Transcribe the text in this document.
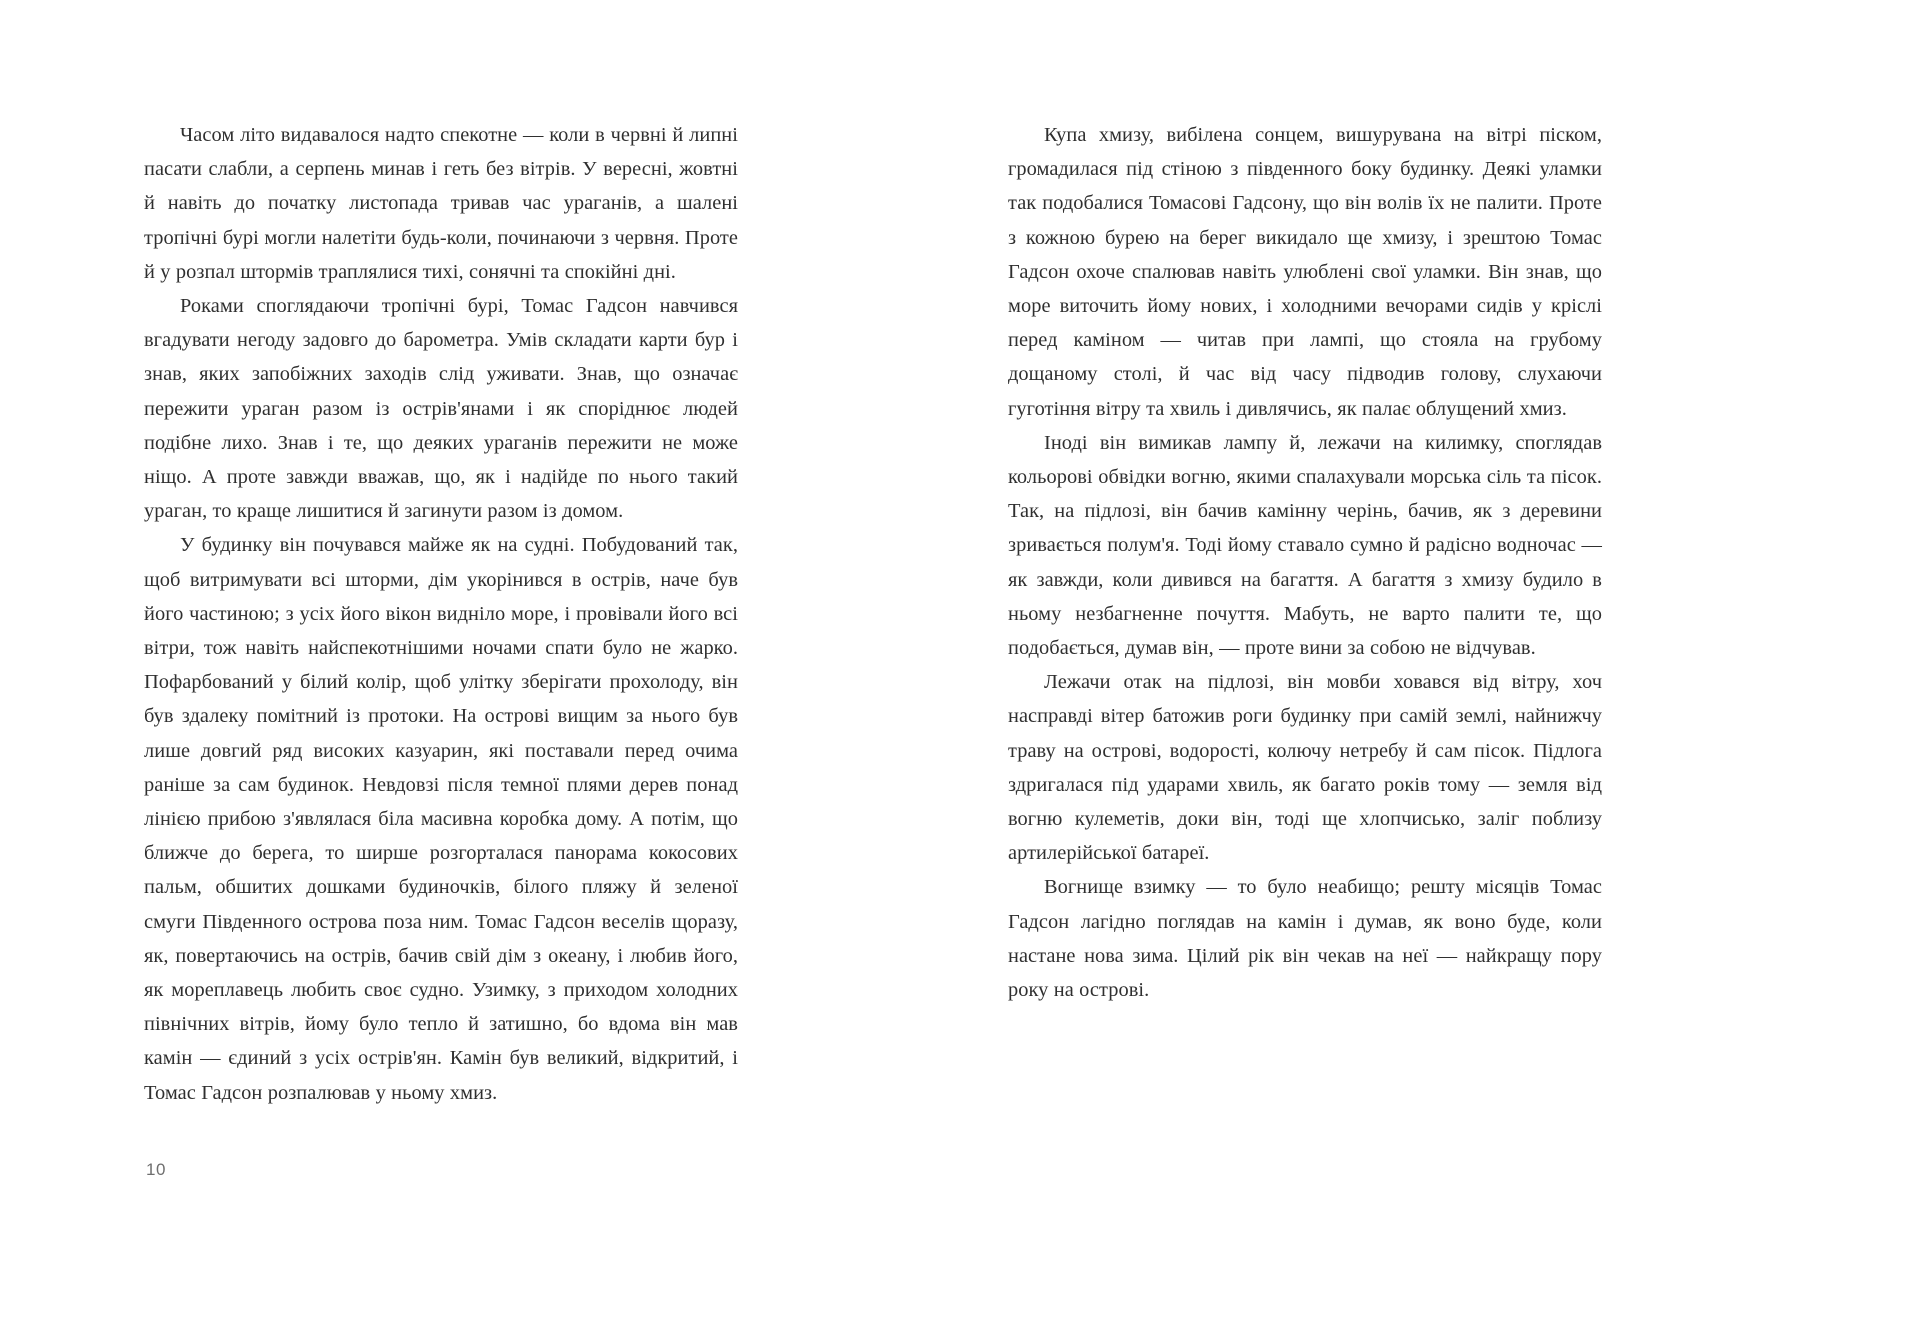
Часом літо видавалося надто спекотне — коли в червні й липні пасати слабли, а серпень минав і геть без вітрів. У вересні, жовтні й навіть до початку листопада тривав час ураганів, а шалені тропічні бурі могли налетіти будь-коли, починаючи з червня. Проте й у розпал штормів траплялися тихі, сонячні та спокійні дні.

Роками споглядаючи тропічні бурі, Томас Гадсон навчився вгадувати негоду задовго до барометра. Умів складати карти бур і знав, яких запобіжних заходів слід уживати. Знав, що означає пережити ураган разом із острів'янами і як споріднює людей подібне лихо. Знав і те, що деяких ураганів пережити не може ніщо. А проте завжди вважав, що, як і надійде по нього такий ураган, то краще лишитися й загинути разом із домом.

У будинку він почувався майже як на судні. Побудований так, щоб витримувати всі шторми, дім укорінився в острів, наче був його частиною; з усіх його вікон виднiло море, і провівали його всі вітри, тож навіть найспекотнішими ночами спати було не жарко. Пофарбований у білий колір, щоб улітку зберігати прохолоду, він був здалеку помітний із протоки. На острові вищим за нього був лише довгий ряд високих казуарин, які поставали перед очима раніше за сам будинок. Невдовзі після темної плями дерев понад лінією прибою з'являлася біла масивна коробка дому. А потім, що ближче до берега, то ширше розгорталася панорама кокосових пальм, обшитих дошками будиночків, білого пляжу й зеленої смуги Південного острова поза ним. Томас Гадсон веселів щоразу, як, повертаючись на острів, бачив свій дім з океану, і любив його, як мореплавець любить своє судно. Узимку, з приходом холодних північних вітрів, йому було тепло й затишно, бо вдома він мав камін — єдиний з усіх острів'ян. Камін був великий, відкритий, і Томас Гадсон розпалював у ньому хмиз.

Купа хмизу, вибілена сонцем, вишурувана на вітрі піском, громадилася під стіною з південного боку будинку. Деякі уламки так подобалися Томасові Гадсону, що він волів їх не палити. Проте з кожною бурею на берег викидало ще хмизу, і зрештою Томас Гадсон охоче спалював навіть улюблені свої уламки. Він знав, що море виточить йому нових, і холодними вечорами сидів у кріслі перед каміном — читав при лампі, що стояла на грубому дощаному столі, й час від часу підводив голову, слухаючи гуготіння вітру та хвиль і дивлячись, як палає облущений хмиз.

Іноді він вимикав лампу й, лежачи на килимку, споглядав кольорові обвідки вогню, якими спалахували морська сіль та пісок. Так, на підлозі, він бачив камінну черінь, бачив, як з деревини зривається полум'я. Тоді йому ставало сумно й радісно водночас — як завжди, коли дивився на багаття. А багаття з хмизу будило в ньому незбагненне почуття. Мабуть, не варто палити те, що подобається, думав він, — проте вини за собою не відчував.

Лежачи отак на підлозі, він мовби ховався від вітру, хоч насправді вітер батожив роги будинку при самій землі, найнижчу траву на острові, водорості, колючу нетребу й сам пісок. Підлога здригалася під ударами хвиль, як багато років тому — земля від вогню кулеметів, доки він, тоді ще хлопчисько, заліг поблизу артилерійської батареї.

Вогнище взимку — то було неабищо; решту місяців Томас Гадсон лагідно поглядав на камін і думав, як воно буде, коли настане нова зима. Цілий рік він чекав на неї — найкращу пору року на острові.

10
